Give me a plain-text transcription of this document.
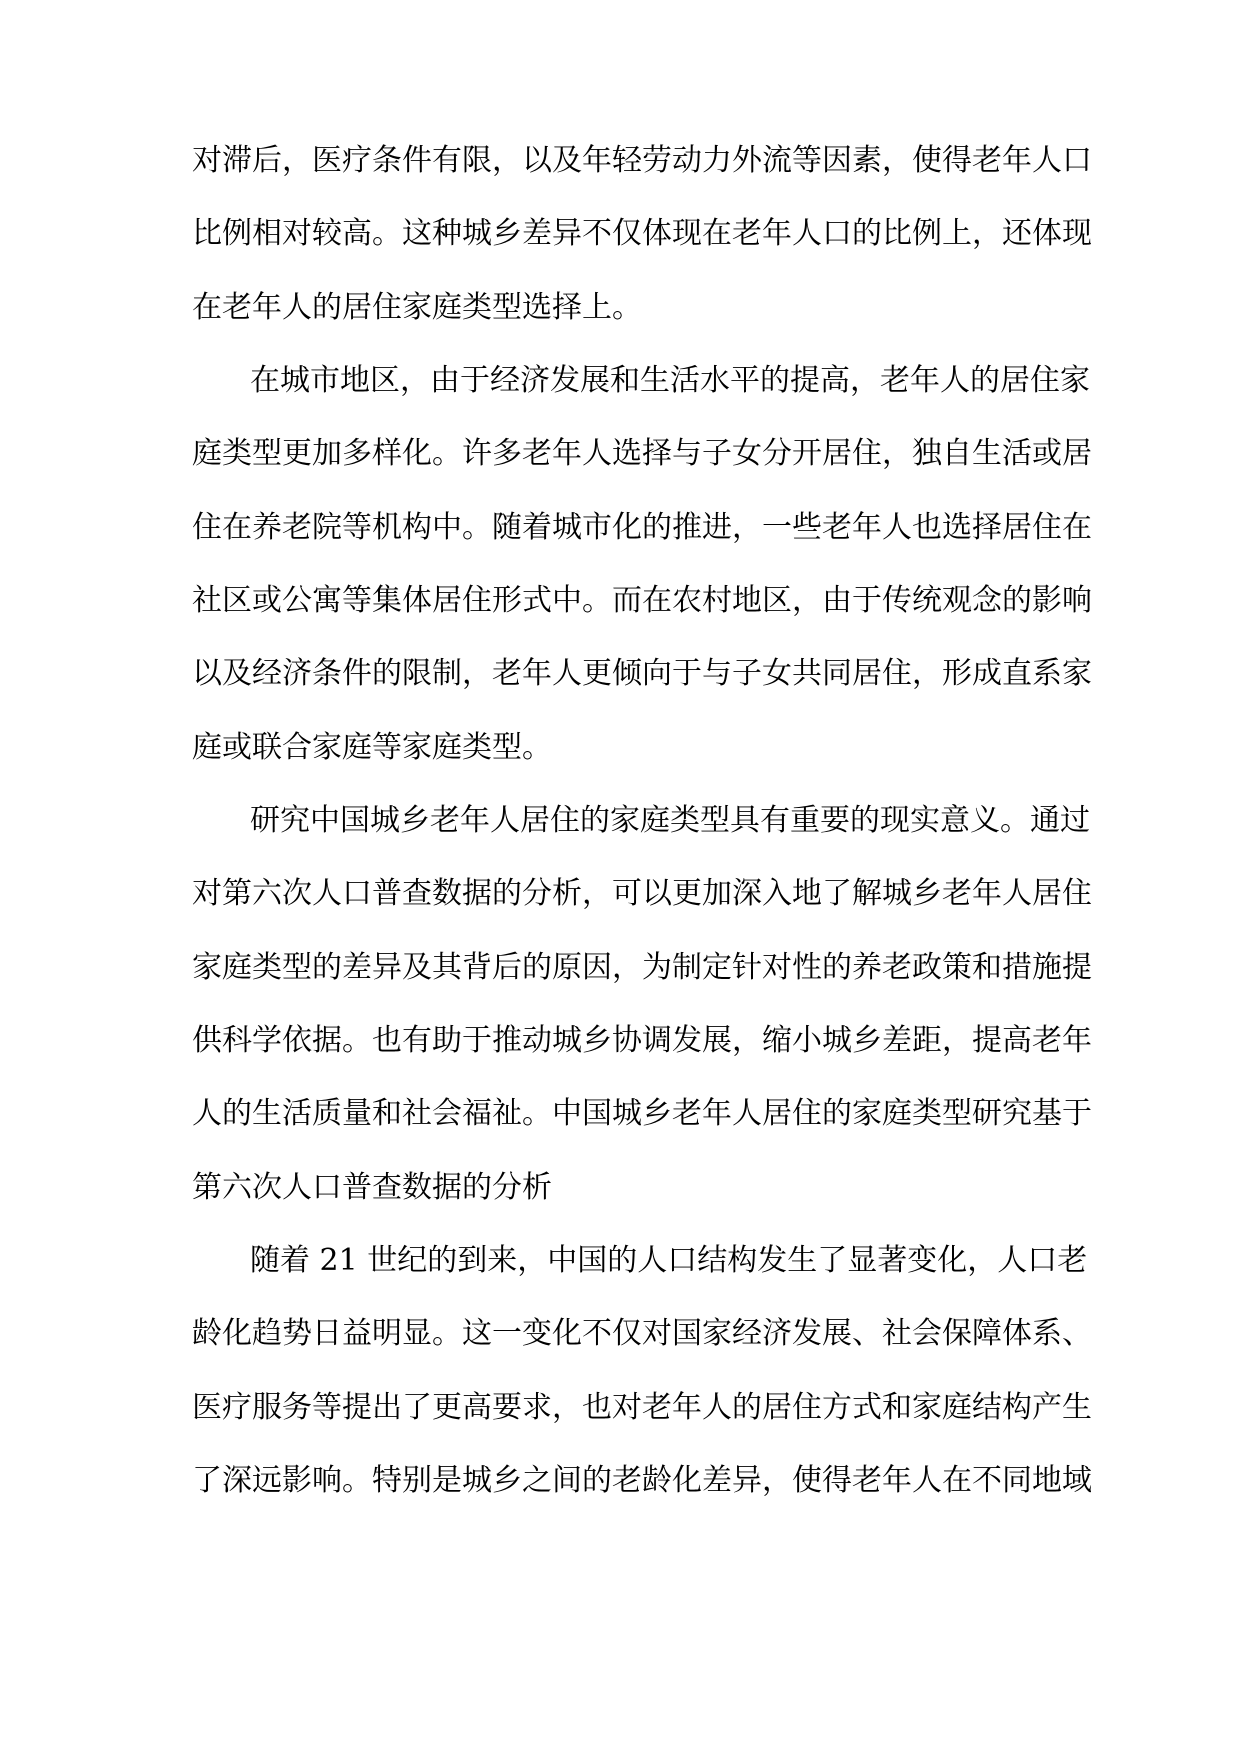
对滞后，医疗条件有限，以及年轻劳动力外流等因素，使得老年人口

比例相对较高。这种城乡差异不仅体现在老年人口的比例上，还体现

在老年人的居住家庭类型选择上。

在城市地区，由于经济发展和生活水平的提高，老年人的居住家

庭类型更加多样化。许多老年人选择与子女分开居住，独自生活或居

住在养老院等机构中。随着城市化的推进，一些老年人也选择居住在

社区或公寓等集体居住形式中。而在农村地区，由于传统观念的影响

以及经济条件的限制，老年人更倾向于与子女共同居住，形成直系家

庭或联合家庭等家庭类型。

研究中国城乡老年人居住的家庭类型具有重要的现实意义。通过

对第六次人口普查数据的分析，可以更加深入地了解城乡老年人居住

家庭类型的差异及其背后的原因，为制定针对性的养老政策和措施提

供科学依据。也有助于推动城乡协调发展，缩小城乡差距，提高老年

人的生活质量和社会福祉。中国城乡老年人居住的家庭类型研究基于

第六次人口普查数据的分析

随着 21 世纪的到来，中国的人口结构发生了显著变化，人口老

龄化趋势日益明显。这一变化不仅对国家经济发展、社会保障体系、

医疗服务等提出了更高要求，也对老年人的居住方式和家庭结构产生

了深远影响。特别是城乡之间的老龄化差异，使得老年人在不同地域
